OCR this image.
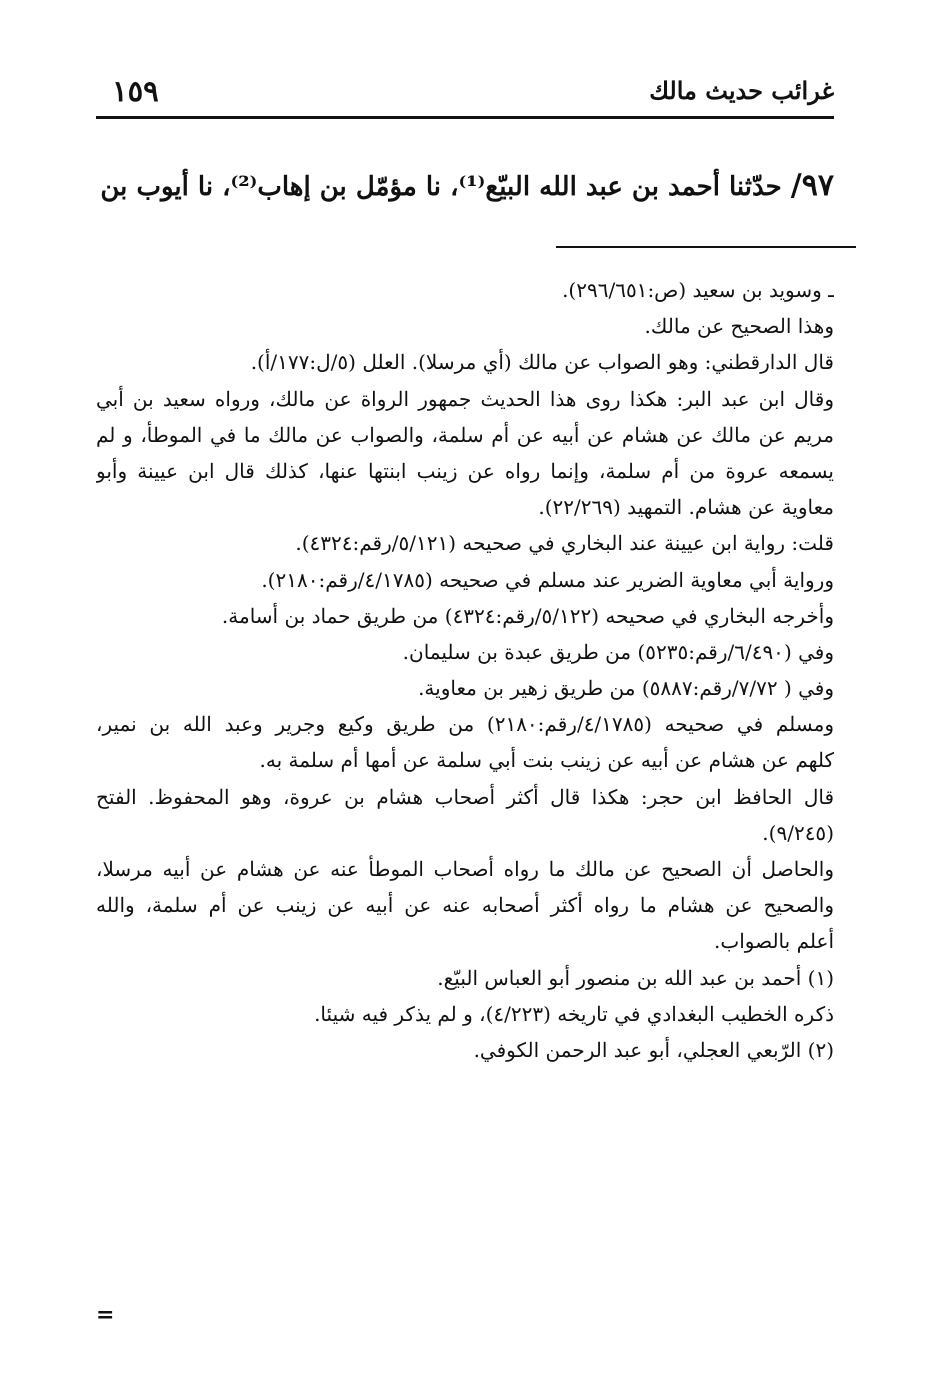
غرائب حديث مالك
١٥٩
٩٧/ حدّثنا أحمد بن عبد الله البيّع⁽¹⁾، نا مؤمّل بن إهاب⁽²⁾، نا أيوب بن
ـ وسويد بن سعيد (ص:٢٩٦/٦٥١).
وهذا الصحيح عن مالك.
قال الدارقطني: وهو الصواب عن مالك (أي مرسلا). العلل (٥/ل:١٧٧/أ).
وقال ابن عبد البر: هكذا روى هذا الحديث جمهور الرواة عن مالك، ورواه سعيد بن أبي
مريم عن مالك عن هشام عن أبيه عن أم سلمة، والصواب عن مالك ما في الموطأ، و لم
يسمعه عروة من أم سلمة، وإنما رواه عن زينب ابنتها عنها، كذلك قال ابن عيينة وأبو
معاوية عن هشام. التمهيد (٢٢/٢٦٩).
قلت: رواية ابن عيينة عند البخاري في صحيحه (٥/١٢١/رقم:٤٣٢٤).
ورواية أبي معاوية الضرير عند مسلم في صحيحه (٤/١٧٨٥/رقم:٢١٨٠).
وأخرجه البخاري في صحيحه (٥/١٢٢/رقم:٤٣٢٤) من طريق حماد بن أسامة.
وفي (٦/٤٩٠/رقم:٥٢٣٥) من طريق عبدة بن سليمان.
وفي ( ٧/٧٢/رقم:٥٨٨٧) من طريق زهير بن معاوية.
ومسلم في صحيحه (٤/١٧٨٥/رقم:٢١٨٠) من طريق وكيع وجرير وعبد الله بن نمير،
كلهم عن هشام عن أبيه عن زينب بنت أبي سلمة عن أمها أم سلمة به.
قال الحافظ ابن حجر: هكذا قال أكثر أصحاب هشام بن عروة، وهو المحفوظ. الفتح
(٩/٢٤٥).
والحاصل أن الصحيح عن مالك ما رواه أصحاب الموطأ عنه عن هشام عن أبيه مرسلا،
والصحيح عن هشام ما رواه أكثر أصحابه عنه عن أبيه عن زينب عن أم سلمة، والله
أعلم بالصواب.
(١) أحمد بن عبد الله بن منصور أبو العباس البيّع.
ذكره الخطيب البغدادي في تاريخه (٤/٢٢٣)، و لم يذكر فيه شيئا.
(٢) الرّبعي العجلي، أبو عبد الرحمن الكوفي.
=
